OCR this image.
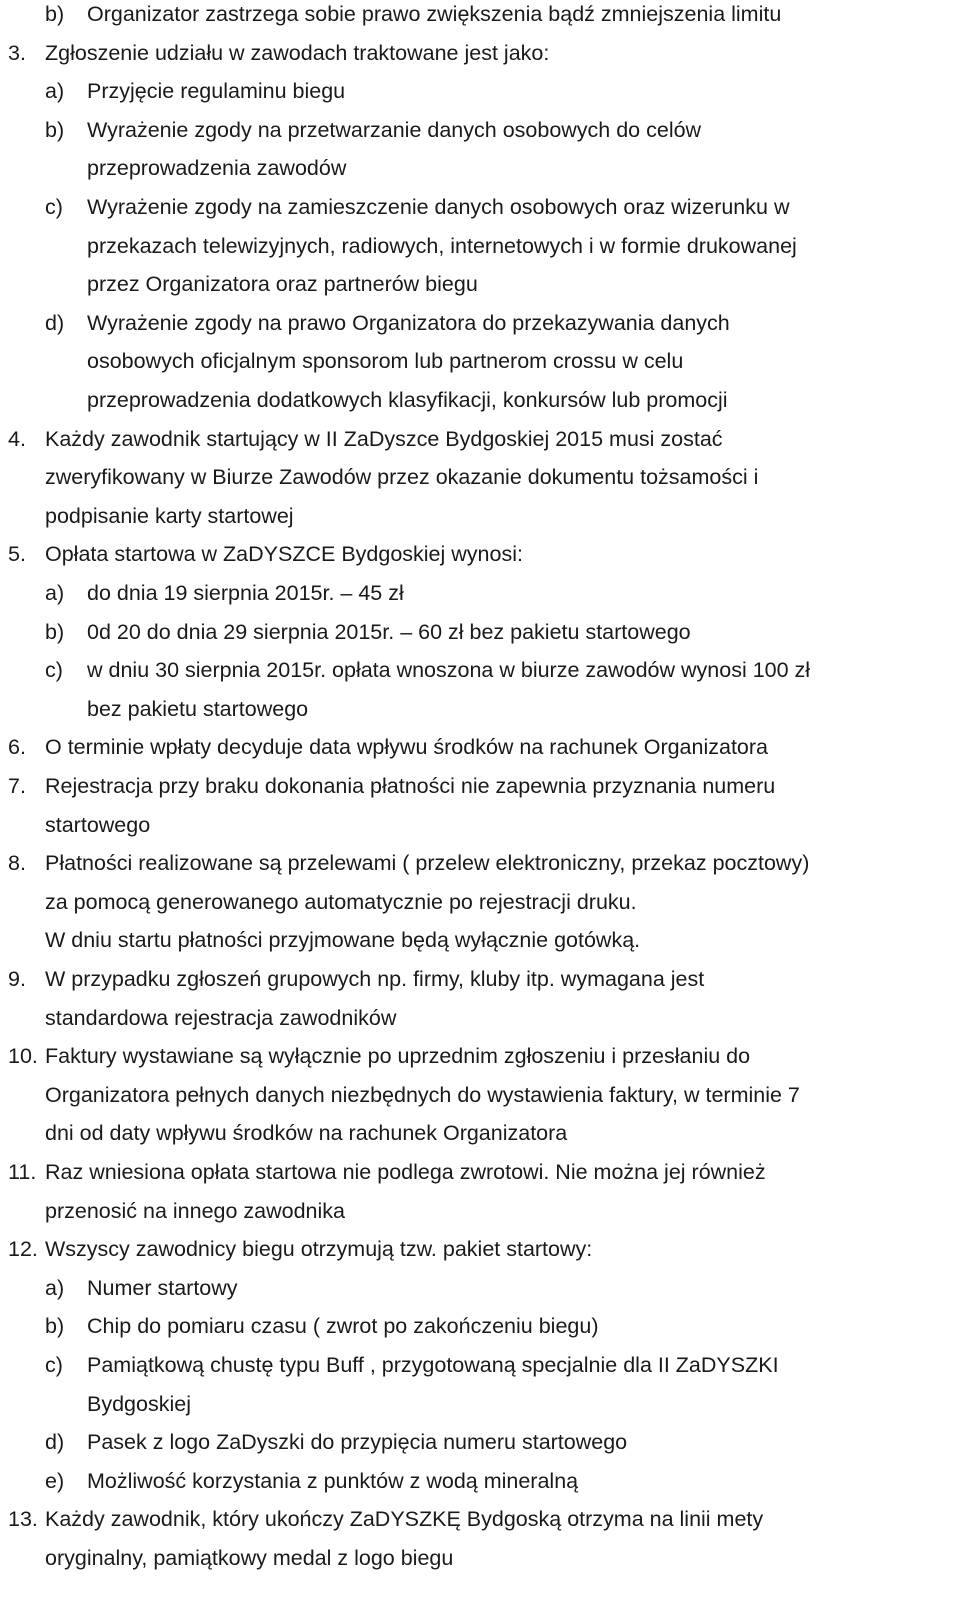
b) Organizator zastrzega sobie prawo zwiększenia bądź zmniejszenia limitu
3. Zgłoszenie udziału w zawodach traktowane jest jako:
a) Przyjęcie regulaminu biegu
b) Wyrażenie zgody na przetwarzanie danych osobowych do celów
przeprowadzenia zawodów
c) Wyrażenie zgody na zamieszczenie danych osobowych oraz wizerunku w
przekazach telewizyjnych, radiowych, internetowych i w formie drukowanej
przez Organizatora oraz partnerów biegu
d) Wyrażenie zgody na prawo Organizatora do przekazywania danych
osobowych oficjalnym sponsorom lub partnerom crossu w celu
przeprowadzenia dodatkowych klasyfikacji, konkursów lub promocji
4. Każdy zawodnik startujący w II ZaDyszce Bydgoskiej 2015 musi zostać
zweryfikowany w Biurze Zawodów przez okazanie dokumentu tożsamości i
podpisanie karty startowej
5. Opłata startowa w ZaDYSZCE Bydgoskiej wynosi:
a) do dnia 19 sierpnia 2015r. – 45 zł
b) 0d 20 do dnia 29 sierpnia 2015r. – 60 zł bez pakietu startowego
c) w dniu 30 sierpnia 2015r. opłata wnoszona w biurze zawodów wynosi 100 zł
bez pakietu startowego
6. O terminie wpłaty decyduje data wpływu środków na rachunek Organizatora
7. Rejestracja przy braku dokonania płatności nie zapewnia przyznania numeru
startowego
8. Płatności realizowane są przelewami ( przelew elektroniczny, przekaz pocztowy)
za pomocą generowanego automatycznie po rejestracji druku.
W dniu startu płatności przyjmowane będą wyłącznie gotówką.
9. W przypadku zgłoszeń grupowych np. firmy, kluby itp. wymagana jest
standardowa rejestracja zawodników
10. Faktury wystawiane są wyłącznie po uprzednim zgłoszeniu i przesłaniu do
Organizatora pełnych danych niezbędnych do wystawienia faktury, w terminie 7
dni od daty wpływu środków na rachunek Organizatora
11. Raz wniesiona opłata startowa nie podlega zwrotowi. Nie można jej również
przenosić na innego zawodnika
12. Wszyscy zawodnicy biegu otrzymują tzw. pakiet startowy:
a) Numer startowy
b) Chip do pomiaru czasu ( zwrot po zakończeniu biegu)
c) Pamiątkową chustę typu Buff , przygotowaną specjalnie dla II ZaDYSZKI
Bydgoskiej
d) Pasek z logo ZaDyszki do przypięcia numeru startowego
e) Możliwość korzystania z punktów z wodą mineralną
13. Każdy zawodnik, który ukończy ZaDYSZKĘ Bydgoską otrzyma na linii mety
oryginalny, pamiątkowy medal z logo biegu
